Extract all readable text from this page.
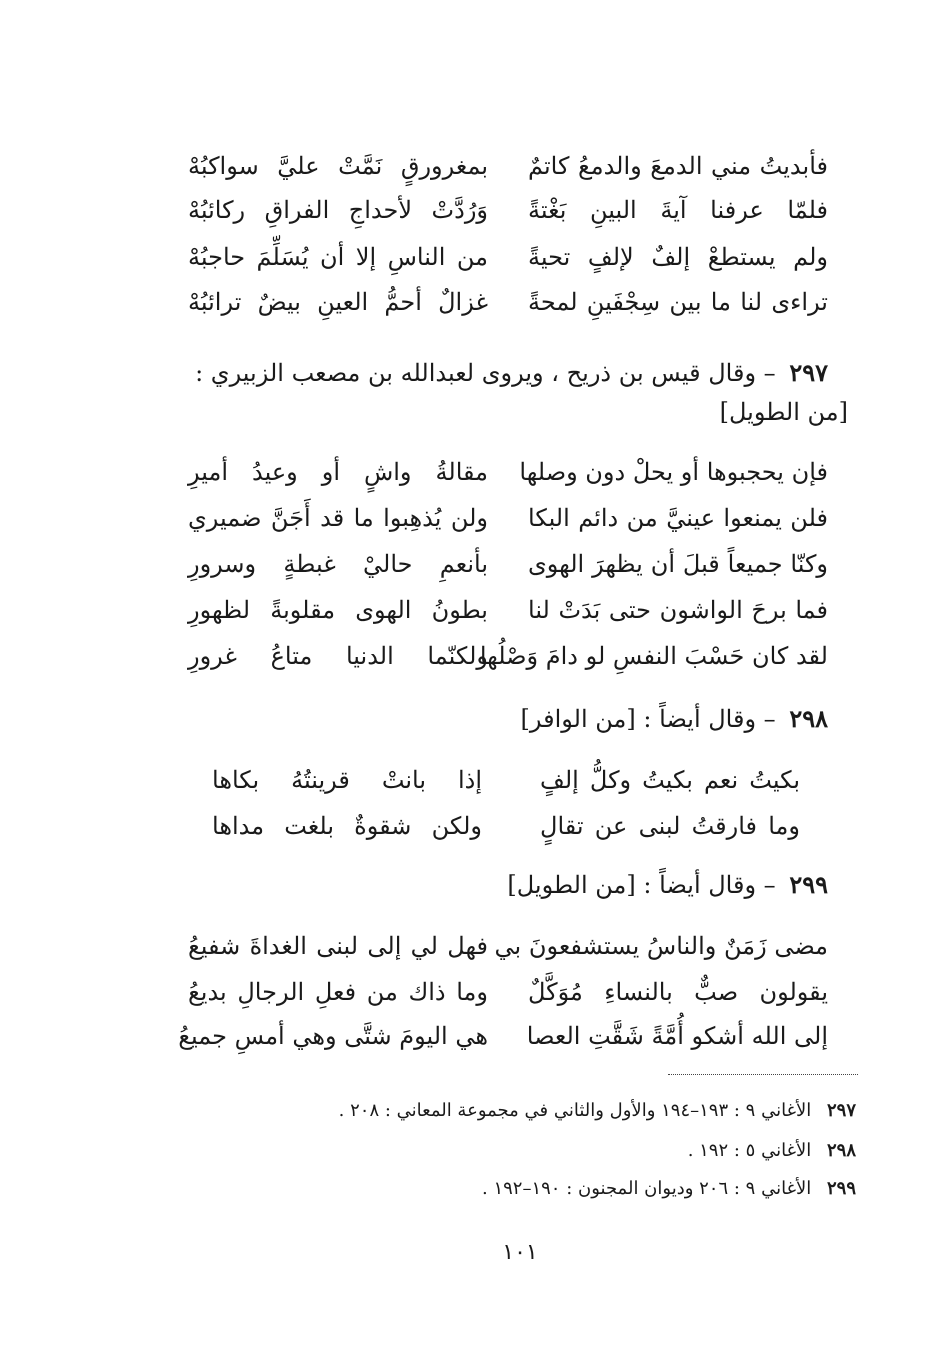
فأبديتُ مني الدمعَ والدمعُ كاتمٌ
بمغرورقٍ نَمَّتْ عليَّ سواكبُهْ
فلمّا عرفنا آيةَ البينِ بَغْتةً
وَرُدَّتْ لأحداجِ الفراقِ ركائبُهْ
ولم يستطعْ إلفٌ لإلفٍ تحيةً
من الناسِ إلا أن يُسَلِّمَ حاجبُهْ
تراءى لنا ما بين سِجْفَينِ لمحةً
غزالٌ أحمُّ العينِ بيضٌ ترائبُهْ
٢٩٧ – وقال قيس بن ذريح ، ويروى لعبدالله بن مصعب الزبيري :
[من الطويل]
فإن يحجبوها أو يحلْ دون وصلها
مقالةُ واشٍ أو وعيدُ أميرِ
فلن يمنعوا عينيَّ من دائم البكا
ولن يُذهِبوا ما قد أَجَنَّ ضميري
وكنّا جميعاً قبلَ أن يظهرَ الهوى
بأنعمِ حاليْ غبطةٍ وسرورِ
فما برحَ الواشون حتى بَدَتْ لنا
بطونُ الهوى مقلوبةً لظهورِ
لقد كان حَسْبَ النفسِ لو دامَ وَصْلُها
ولكنّما الدنيا متاعُ غرورِ
٢٩٨ – وقال أيضاً : [من الوافر]
بكيتُ نعم بكيتُ وكلُّ إلفٍ
إذا بانتْ قرينتُهُ بكاها
وما فارقتُ لبنى عن تقالٍ
ولكن شقوةٌ بلغت مداها
٢٩٩ – وقال أيضاً : [من الطويل]
مضى زَمَنٌ والناسُ يستشفعونَ بي
فهل لي إلى لبنى الغداةَ شفيعُ
يقولون صبٌّ بالنساءِ مُوَكَّلٌ
وما ذاك من فعلِ الرجالِ بديعُ
إلى الله أشكو أُمَّةً شَقَّتِ العصا
هي اليومَ شتَّى وهي أمسِ جميعُ
٢٩٧ الأغاني ٩ : ١٩٣–١٩٤ والأول والثاني في مجموعة المعاني : ٢٠٨ .
٢٩٨ الأغاني ٥ : ١٩٢ .
٢٩٩ الأغاني ٩ : ٢٠٦ وديوان المجنون : ١٩٠–١٩٢ .
١٠١
